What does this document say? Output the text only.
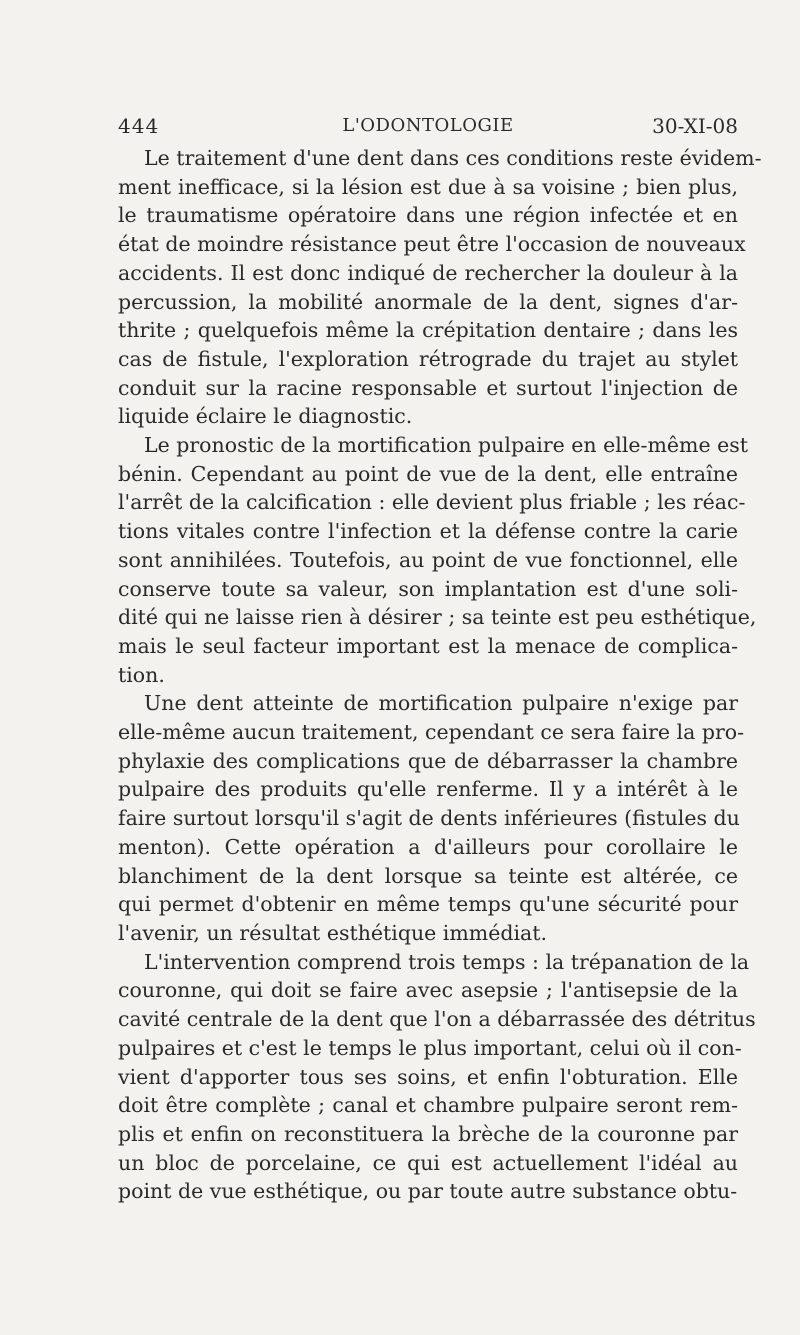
444	L'ODONTOLOGIE	30-XI-08
Le traitement d'une dent dans ces conditions reste évidem-
ment inefficace, si la lésion est due à sa voisine ; bien plus,
le traumatisme opératoire dans une région infectée et en
état de moindre résistance peut être l'occasion de nouveaux
accidents. Il est donc indiqué de rechercher la douleur à la
percussion, la mobilité anormale de la dent, signes d'ar-
thrite ; quelquefois même la crépitation dentaire ; dans les
cas de fistule, l'exploration rétrograde du trajet au stylet
conduit sur la racine responsable et surtout l'injection de
liquide éclaire le diagnostic.
Le pronostic de la mortification pulpaire en elle-même est
bénin. Cependant au point de vue de la dent, elle entraîne
l'arrêt de la calcification : elle devient plus friable ; les réac-
tions vitales contre l'infection et la défense contre la carie
sont annihilées. Toutefois, au point de vue fonctionnel, elle
conserve toute sa valeur, son implantation est d'une soli-
dité qui ne laisse rien à désirer ; sa teinte est peu esthétique,
mais le seul facteur important est la menace de complica-
tion.
Une dent atteinte de mortification pulpaire n'exige par
elle-même aucun traitement, cependant ce sera faire la pro-
phylaxie des complications que de débarrasser la chambre
pulpaire des produits qu'elle renferme. Il y a intérêt à le
faire surtout lorsqu'il s'agit de dents inférieures (fistules du
menton). Cette opération a d'ailleurs pour corollaire le
blanchiment de la dent lorsque sa teinte est altérée, ce
qui permet d'obtenir en même temps qu'une sécurité pour
l'avenir, un résultat esthétique immédiat.
L'intervention comprend trois temps : la trépanation de la
couronne, qui doit se faire avec asepsie ; l'antisepsie de la
cavité centrale de la dent que l'on a débarrassée des détritus
pulpaires et c'est le temps le plus important, celui où il con-
vient d'apporter tous ses soins, et enfin l'obturation. Elle
doit être complète ; canal et chambre pulpaire seront rem-
plis et enfin on reconstituera la brèche de la couronne par
un bloc de porcelaine, ce qui est actuellement l'idéal au
point de vue esthétique, ou par toute autre substance obtu-
